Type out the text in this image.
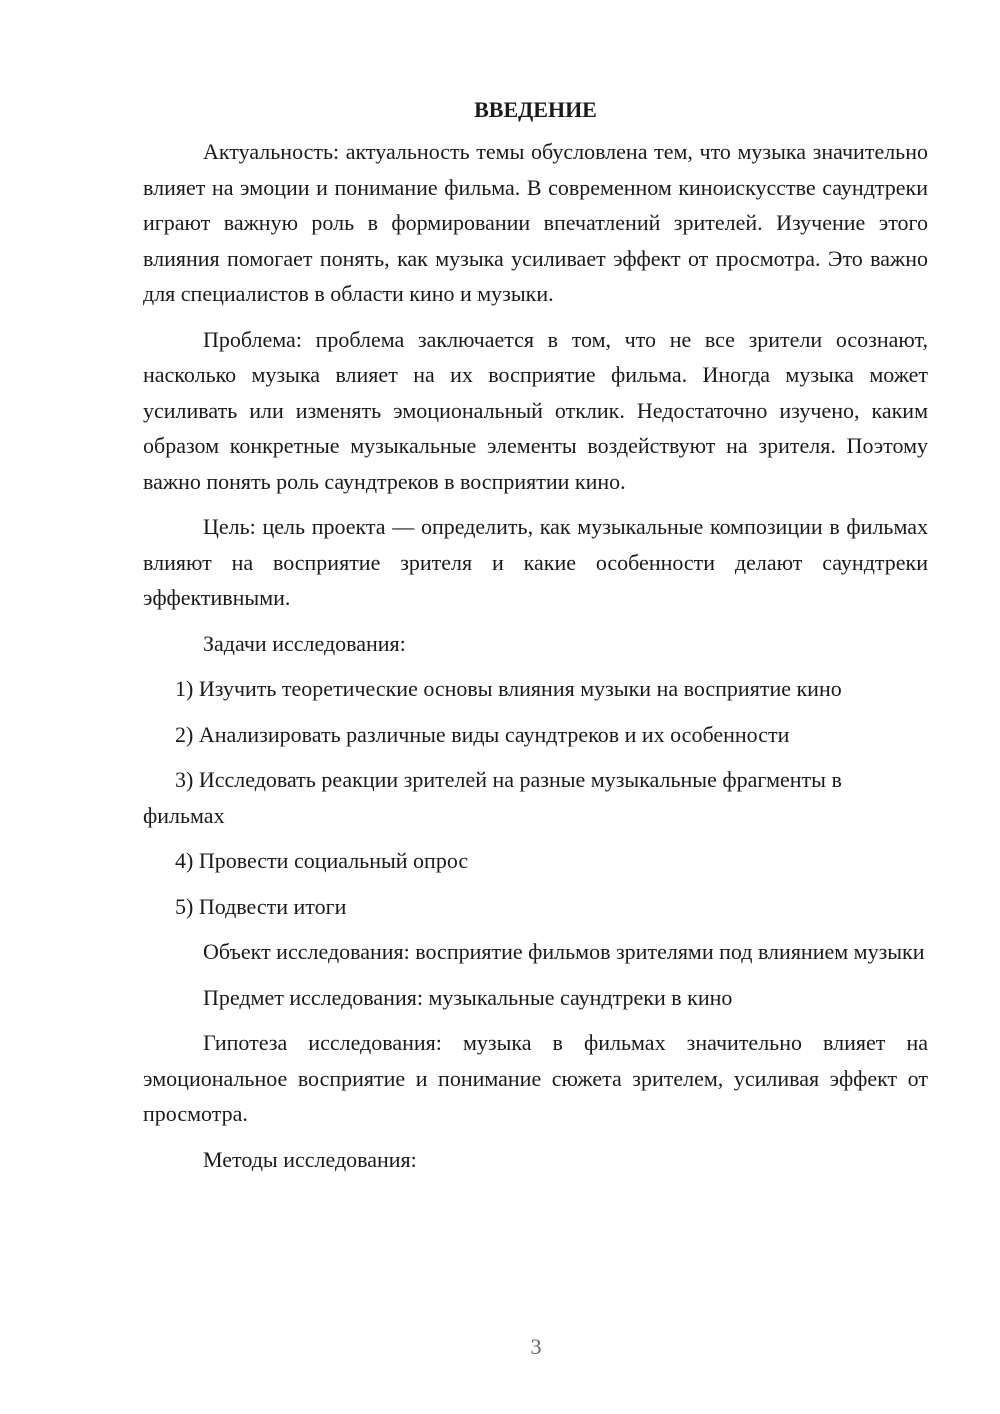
ВВЕДЕНИЕ

Актуальность: актуальность темы обусловлена тем, что музыка значительно влияет на эмоции и понимание фильма. В современном киноискусстве саундтреки играют важную роль в формировании впечатлений зрителей. Изучение этого влияния помогает понять, как музыка усиливает эффект от просмотра. Это важно для специалистов в области кино и музыки.

Проблема: проблема заключается в том, что не все зрители осознают, насколько музыка влияет на их восприятие фильма. Иногда музыка может усиливать или изменять эмоциональный отклик. Недостаточно изучено, каким образом конкретные музыкальные элементы воздействуют на зрителя. Поэтому важно понять роль саундтреков в восприятии кино.

Цель: цель проекта — определить, как музыкальные композиции в фильмах влияют на восприятие зрителя и какие особенности делают саундтреки эффективными.

Задачи исследования:

1) Изучить теоретические основы влияния музыки на восприятие кино

2) Анализировать различные виды саундтреков и их особенности

3) Исследовать реакции зрителей на разные музыкальные фрагменты в фильмах

4) Провести социальный опрос

5) Подвести итоги

Объект исследования: восприятие фильмов зрителями под влиянием музыки

Предмет исследования: музыкальные саундтреки в кино

Гипотеза исследования: музыка в фильмах значительно влияет на эмоциональное восприятие и понимание сюжета зрителем, усиливая эффект от просмотра.

Методы исследования:

3
